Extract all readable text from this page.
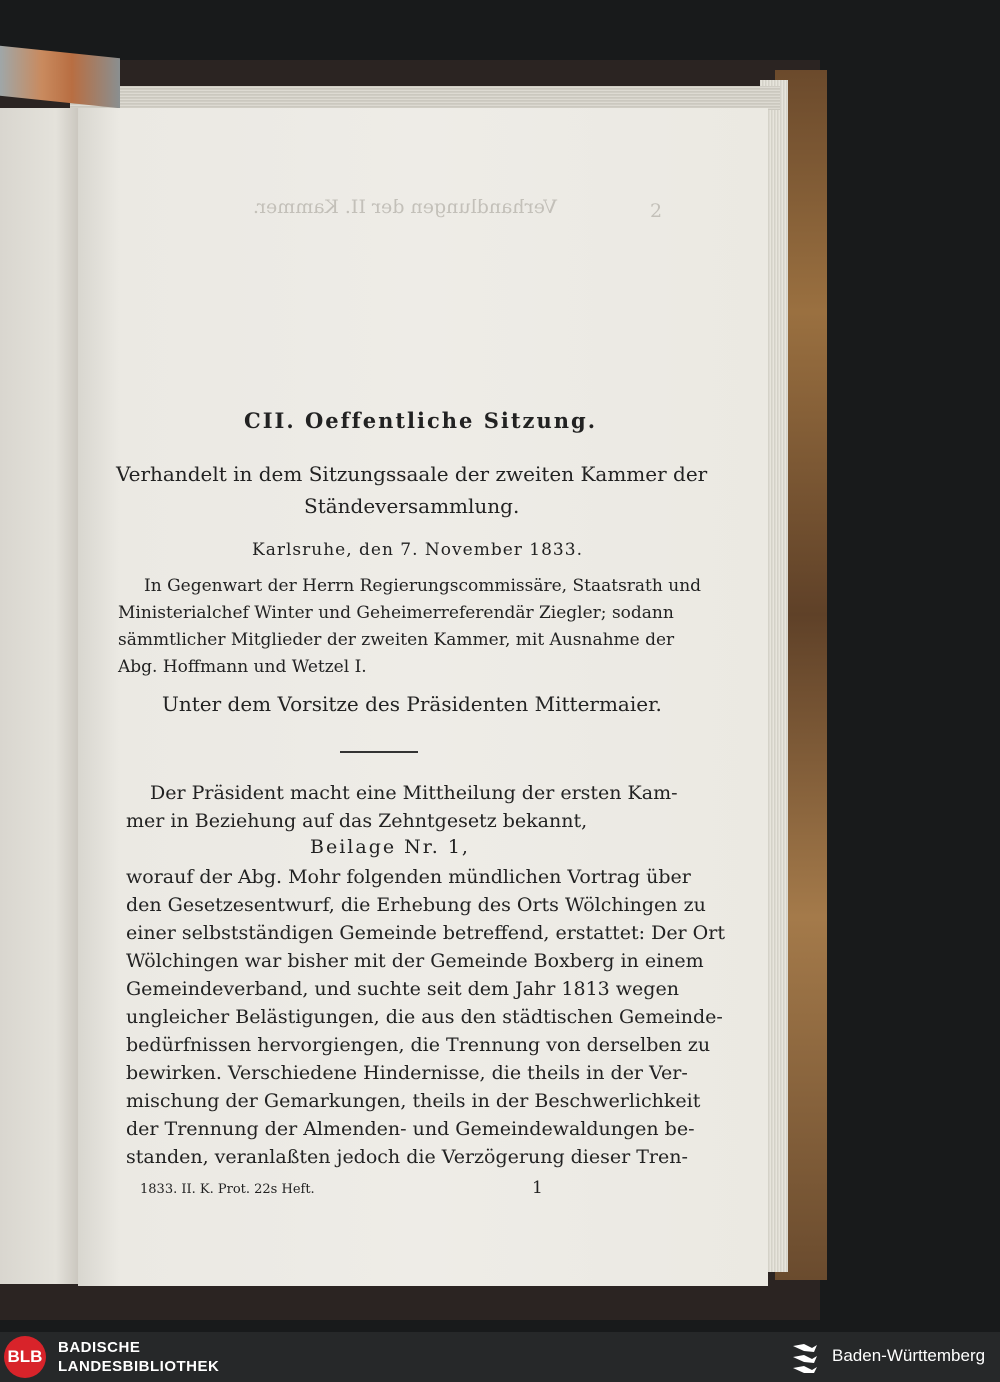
Verhandlungen der II. Kammer.	2
CII. Oeffentliche Sitzung.
Verhandelt in dem Sitzungssaale der zweiten Kammer der
Ständeversammlung.
Karlsruhe, den 7. November 1833.
In Gegenwart der Herrn Regierungscommissäre, Staatsrath und
Ministerialchef Winter und Geheimerreferendär Ziegler; sodann
sämmtlicher Mitglieder der zweiten Kammer, mit Ausnahme der
Abg. Hoffmann und Wetzel I.
Unter dem Vorsitze des Präsidenten Mittermaier.
Der Präsident macht eine Mittheilung der ersten Kam-
mer in Beziehung auf das Zehntgesetz bekannt,
Beilage Nr. 1,
worauf der Abg. Mohr folgenden mündlichen Vortrag über
den Gesetzesentwurf, die Erhebung des Orts Wölchingen zu
einer selbstständigen Gemeinde betreffend, erstattet: Der Ort
Wölchingen war bisher mit der Gemeinde Boxberg in einem
Gemeindeverband, und suchte seit dem Jahr 1813 wegen
ungleicher Belästigungen, die aus den städtischen Gemeinde-
bedürfnissen hervorgiengen, die Trennung von derselben zu
bewirken. Verschiedene Hindernisse, die theils in der Ver-
mischung der Gemarkungen, theils in der Beschwerlichkeit
der Trennung der Almenden- und Gemeindewaldungen be-
standen, veranlaßten jedoch die Verzögerung dieser Tren-
1833. II. K. Prot. 22s Heft.	1
BLB BADISCHE
LANDESBIBLIOTHEK
Baden-Württemberg
